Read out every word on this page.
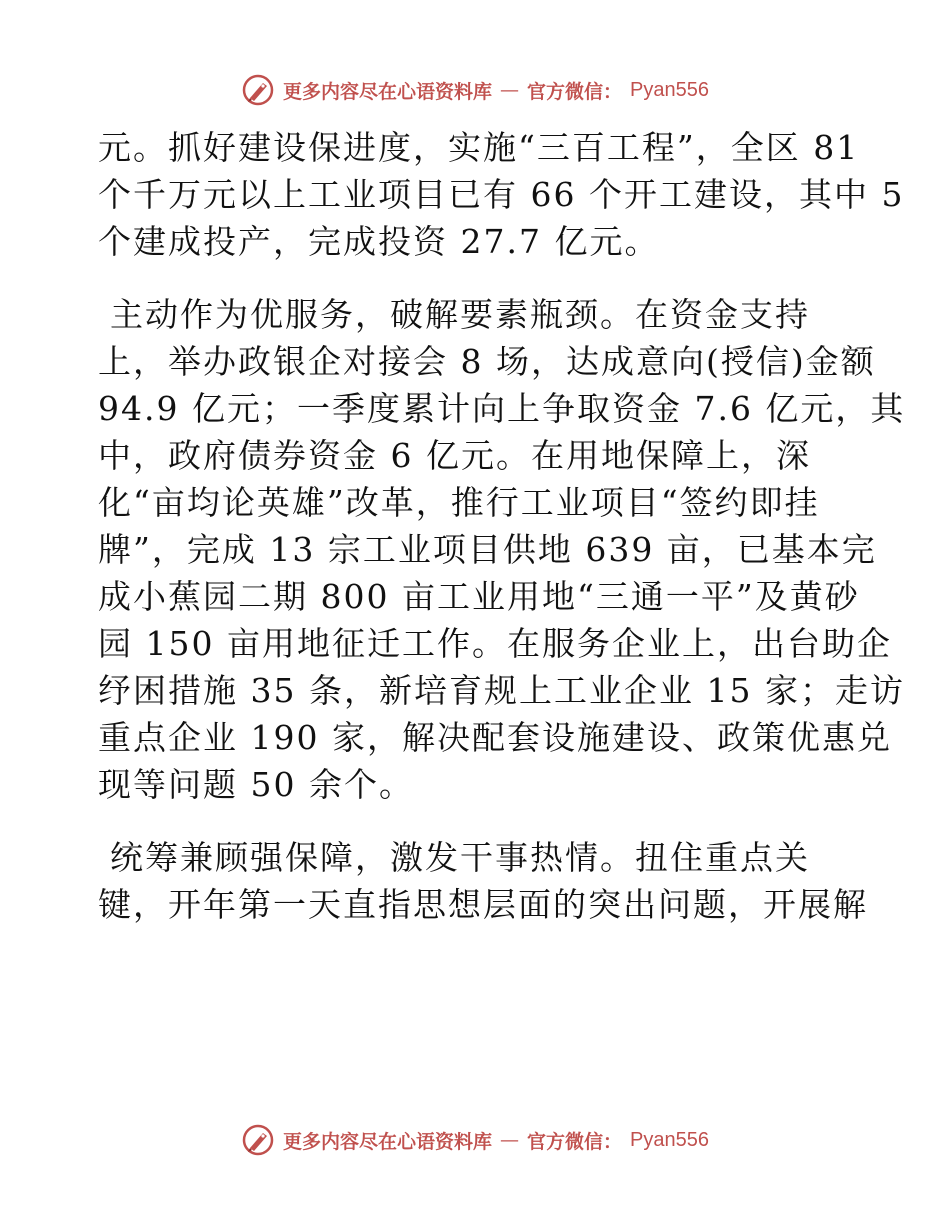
更多内容尽在心语资料库 — 官方微信： Pyan556
元。抓好建设保进度，实施“三百工程”，全区 81
个千万元以上工业项目已有 66 个开工建设，其中 5
个建成投产，完成投资 27.7 亿元。
主动作为优服务，破解要素瓶颈。在资金支持
上，举办政银企对接会 8 场，达成意向(授信)金额
94.9 亿元；一季度累计向上争取资金 7.6 亿元，其
中，政府债券资金 6 亿元。在用地保障上，深
化“亩均论英雄”改革，推行工业项目“签约即挂
牌”，完成 13 宗工业项目供地 639 亩，已基本完
成小蕉园二期 800 亩工业用地“三通一平”及黄砂
园 150 亩用地征迁工作。在服务企业上，出台助企
纾困措施 35 条，新培育规上工业企业 15 家；走访
重点企业 190 家，解决配套设施建设、政策优惠兑
现等问题 50 余个。
统筹兼顾强保障，激发干事热情。扭住重点关
键，开年第一天直指思想层面的突出问题，开展解
更多内容尽在心语资料库 — 官方微信： Pyan556
